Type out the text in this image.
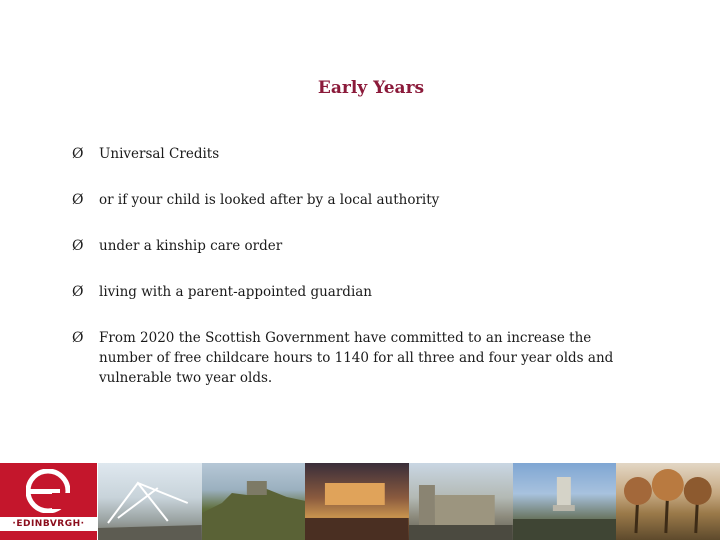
Early Years
Ø Universal Credits
Ø or if your child is looked after by a local authority
Ø under a kinship care order
Ø living with a parent-appointed guardian
Ø From 2020 the Scottish Government have committed to an increase the number of free childcare hours to 1140 for all three and four year olds and vulnerable two year olds.
·EDINBVRGH·
